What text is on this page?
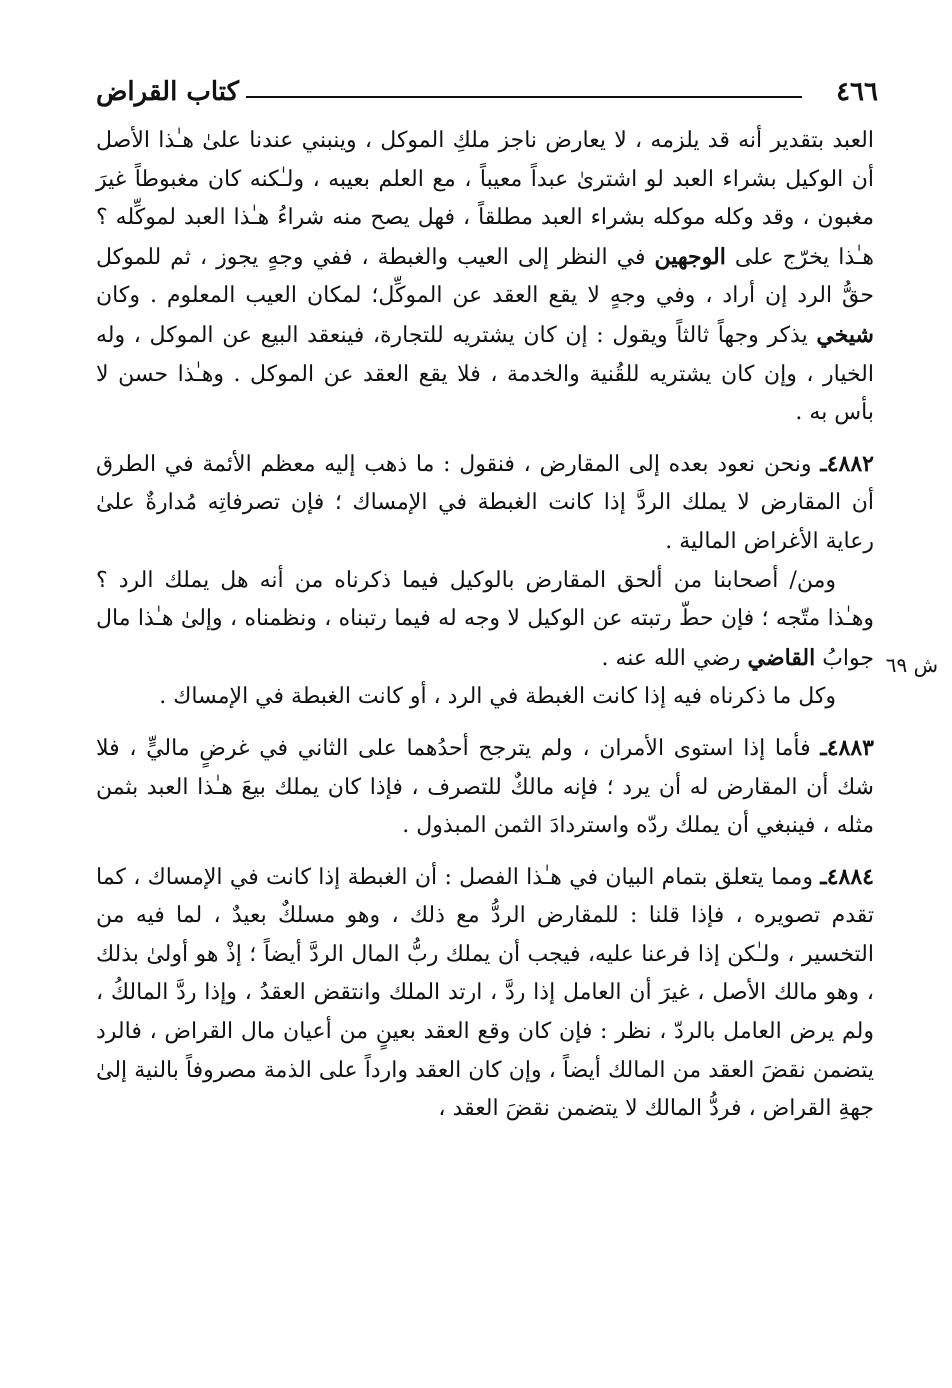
٤٦٦
كتاب القراض
ش ٦٩

العبد بتقدير أنه قد يلزمه ، لا يعارض ناجز ملكِ الموكل ، وينبني عندنا علىٰ هـٰذا الأصل أن الوكيل بشراء العبد لو اشترىٰ عبداً معيباً ، مع العلم بعيبه ، ولـٰكنه كان مغبوطاً غيرَ مغبون ، وقد وكله موكله بشراء العبد مطلقاً ، فهل يصح منه شراءُ هـٰذا العبد لموكِّله ؟ هـٰذا يخرّج على الوجهين في النظر إلى العيب والغبطة ، ففي وجهٍ يجوز ، ثم للموكل حقُّ الرد إن أراد ، وفي وجهٍ لا يقع العقد عن الموكِّل؛ لمكان العيب المعلوم . وكان شيخي يذكر وجهاً ثالثاً ويقول : إن كان يشتريه للتجارة، فينعقد البيع عن الموكل ، وله الخيار ، وإن كان يشتريه للقُنية والخدمة ، فلا يقع العقد عن الموكل . وهـٰذا حسن لا بأس به .

٤٨٨٢ـ ونحن نعود بعده إلى المقارض ، فنقول : ما ذهب إليه معظم الأئمة في الطرق أن المقارض لا يملك الردَّ إذا كانت الغبطة في الإمساك ؛ فإن تصرفاتِه مُدارةٌ علىٰ رعاية الأغراض المالية .

ومن/ أصحابنا من ألحق المقارض بالوكيل فيما ذكرناه من أنه هل يملك الرد ؟ وهـٰذا متّجه ؛ فإن حطّ رتبته عن الوكيل لا وجه له فيما رتبناه ، ونظمناه ، وإلىٰ هـٰذا مال جوابُ القاضي رضي الله عنه .

وكل ما ذكرناه فيه إذا كانت الغبطة في الرد ، أو كانت الغبطة في الإمساك .

٤٨٨٣ـ فأما إذا استوى الأمران ، ولم يترجح أحدُهما على الثاني في غرضٍ ماليٍّ ، فلا شك أن المقارض له أن يرد ؛ فإنه مالكٌ للتصرف ، فإذا كان يملك بيعَ هـٰذا العبد بثمن مثله ، فينبغي أن يملك ردّه واستردادَ الثمن المبذول .

٤٨٨٤ـ ومما يتعلق بتمام البيان في هـٰذا الفصل : أن الغبطة إذا كانت في الإمساك ، كما تقدم تصويره ، فإذا قلنا : للمقارض الردُّ مع ذلك ، وهو مسلكٌ بعيدٌ ، لما فيه من التخسير ، ولـٰكن إذا فرعنا عليه، فيجب أن يملك ربُّ المال الردَّ أيضاً ؛ إذْ هو أولىٰ بذلك ، وهو مالك الأصل ، غيرَ أن العامل إذا ردَّ ، ارتد الملك وانتقض العقدُ ، وإذا ردَّ المالكُ ، ولم يرض العامل بالردّ ، نظر : فإن كان وقع العقد بعينٍ من أعيان مال القراض ، فالرد يتضمن نقضَ العقد من المالك أيضاً ، وإن كان العقد وارداً على الذمة مصروفاً بالنية إلىٰ جهةِ القراض ، فردُّ المالك لا يتضمن نقضَ العقد ،
